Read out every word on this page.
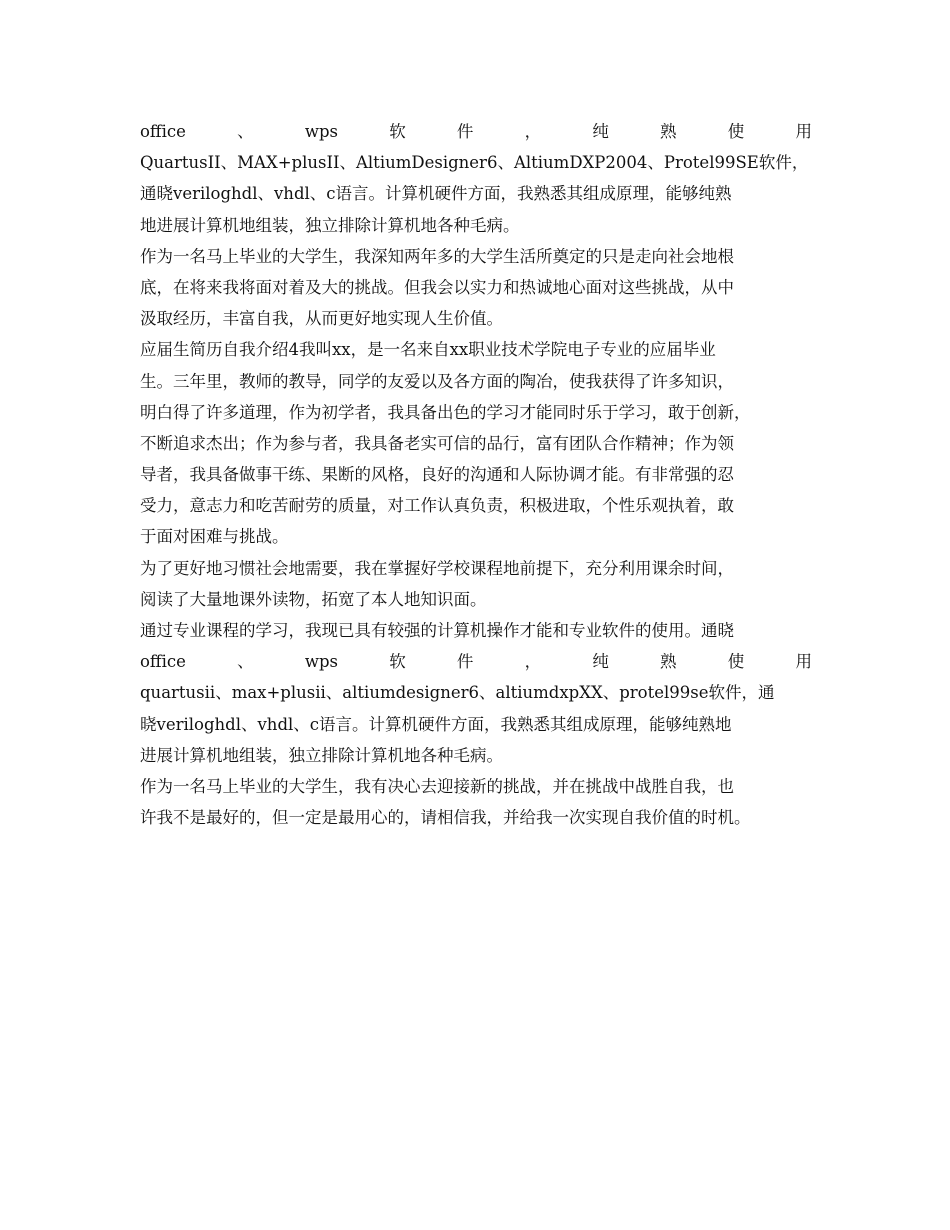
office	、	wps	软	件	，	纯	熟	使	用
QuartusII、MAX+plusII、AltiumDesigner6、AltiumDXP2004、Protel99SE软件，
通晓veriloghdl、vhdl、c语言。计算机硬件方面，我熟悉其组成原理，能够纯熟
地进展计算机地组装，独立排除计算机地各种毛病。
作为一名马上毕业的大学生，我深知两年多的大学生活所奠定的只是走向社会地根
底，在将来我将面对着及大的挑战。但我会以实力和热诚地心面对这些挑战，从中
汲取经历，丰富自我，从而更好地实现人生价值。
应届生简历自我介绍4我叫xx，是一名来自xx职业技术学院电子专业的应届毕业
生。三年里，教师的教导，同学的友爱以及各方面的陶冶，使我获得了许多知识，
明白得了许多道理，作为初学者，我具备出色的学习才能同时乐于学习，敢于创新，
不断追求杰出；作为参与者，我具备老实可信的品行，富有团队合作精神；作为领
导者，我具备做事干练、果断的风格，良好的沟通和人际协调才能。有非常强的忍
受力，意志力和吃苦耐劳的质量，对工作认真负责，积极进取，个性乐观执着，敢
于面对困难与挑战。
为了更好地习惯社会地需要，我在掌握好学校课程地前提下，充分利用课余时间，
阅读了大量地课外读物，拓宽了本人地知识面。
通过专业课程的学习，我现已具有较强的计算机操作才能和专业软件的使用。通晓
office	、	wps	软	件	，	纯	熟	使	用
quartusii、max+plusii、altiumdesigner6、altiumdxpXX、protel99se软件，通
晓veriloghdl、vhdl、c语言。计算机硬件方面，我熟悉其组成原理，能够纯熟地
进展计算机地组装，独立排除计算机地各种毛病。
作为一名马上毕业的大学生，我有决心去迎接新的挑战，并在挑战中战胜自我，也
许我不是最好的，但一定是最用心的，请相信我，并给我一次实现自我价值的时机。
